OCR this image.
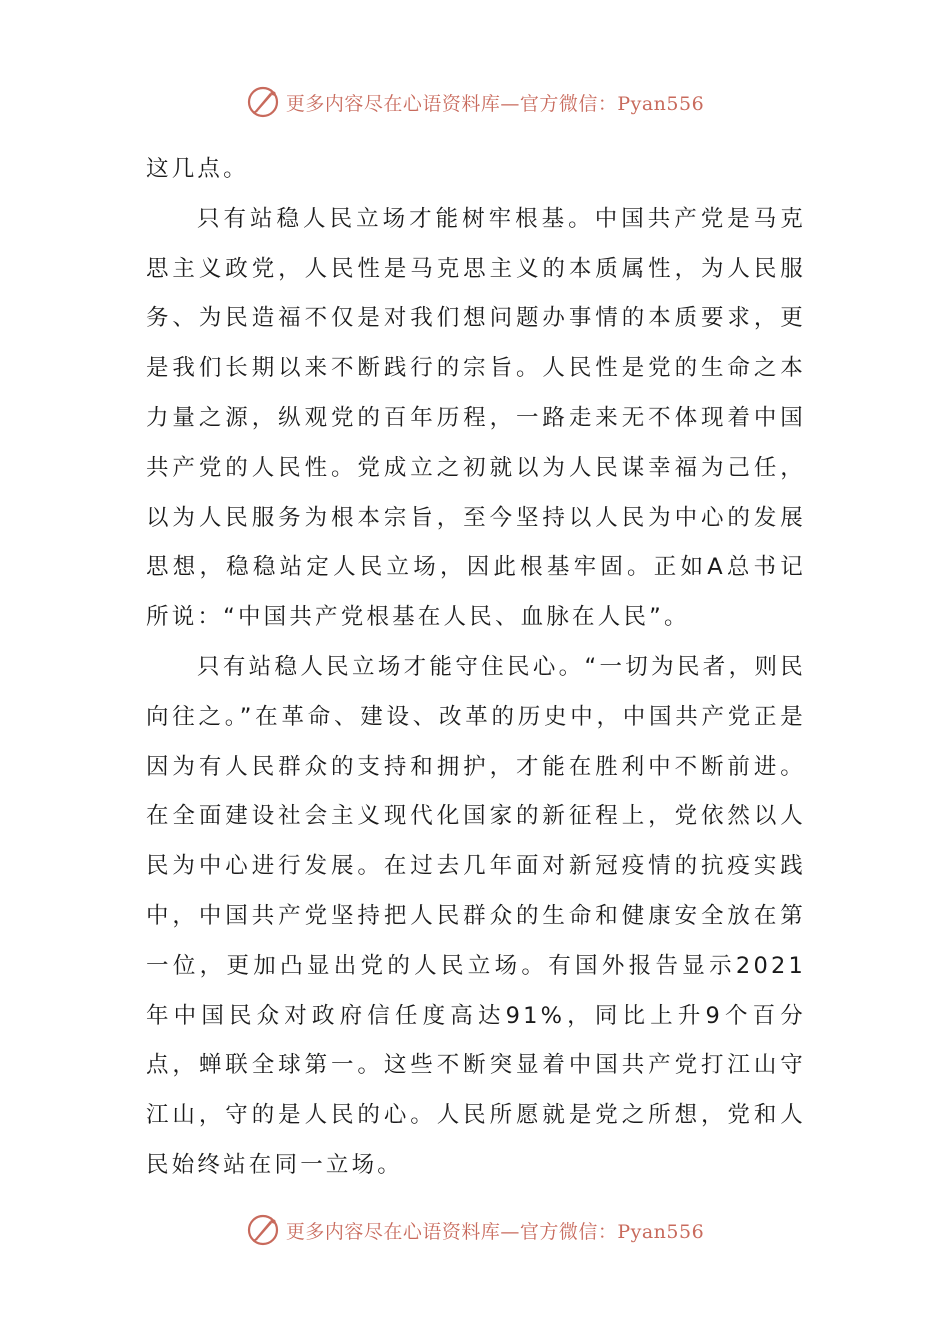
更多内容尽在心语资料库—官方微信：Pyan556

这几点。

只有站稳人民立场才能树牢根基。中国共产党是马克思主义政党，人民性是马克思主义的本质属性，为人民服务、为民造福不仅是对我们想问题办事情的本质要求，更是我们长期以来不断践行的宗旨。人民性是党的生命之本力量之源，纵观党的百年历程，一路走来无不体现着中国共产党的人民性。党成立之初就以为人民谋幸福为己任，以为人民服务为根本宗旨，至今坚持以人民为中心的发展思想，稳稳站定人民立场，因此根基牢固。正如A总书记所说：“中国共产党根基在人民、血脉在人民”。

只有站稳人民立场才能守住民心。“一切为民者，则民向往之。”在革命、建设、改革的历史中，中国共产党正是因为有人民群众的支持和拥护，才能在胜利中不断前进。在全面建设社会主义现代化国家的新征程上，党依然以人民为中心进行发展。在过去几年面对新冠疫情的抗疫实践中，中国共产党坚持把人民群众的生命和健康安全放在第一位，更加凸显出党的人民立场。有国外报告显示2021年中国民众对政府信任度高达91%，同比上升9个百分点，蝉联全球第一。这些不断突显着中国共产党打江山守江山，守的是人民的心。人民所愿就是党之所想，党和人民始终站在同一立场。

更多内容尽在心语资料库—官方微信：Pyan556
